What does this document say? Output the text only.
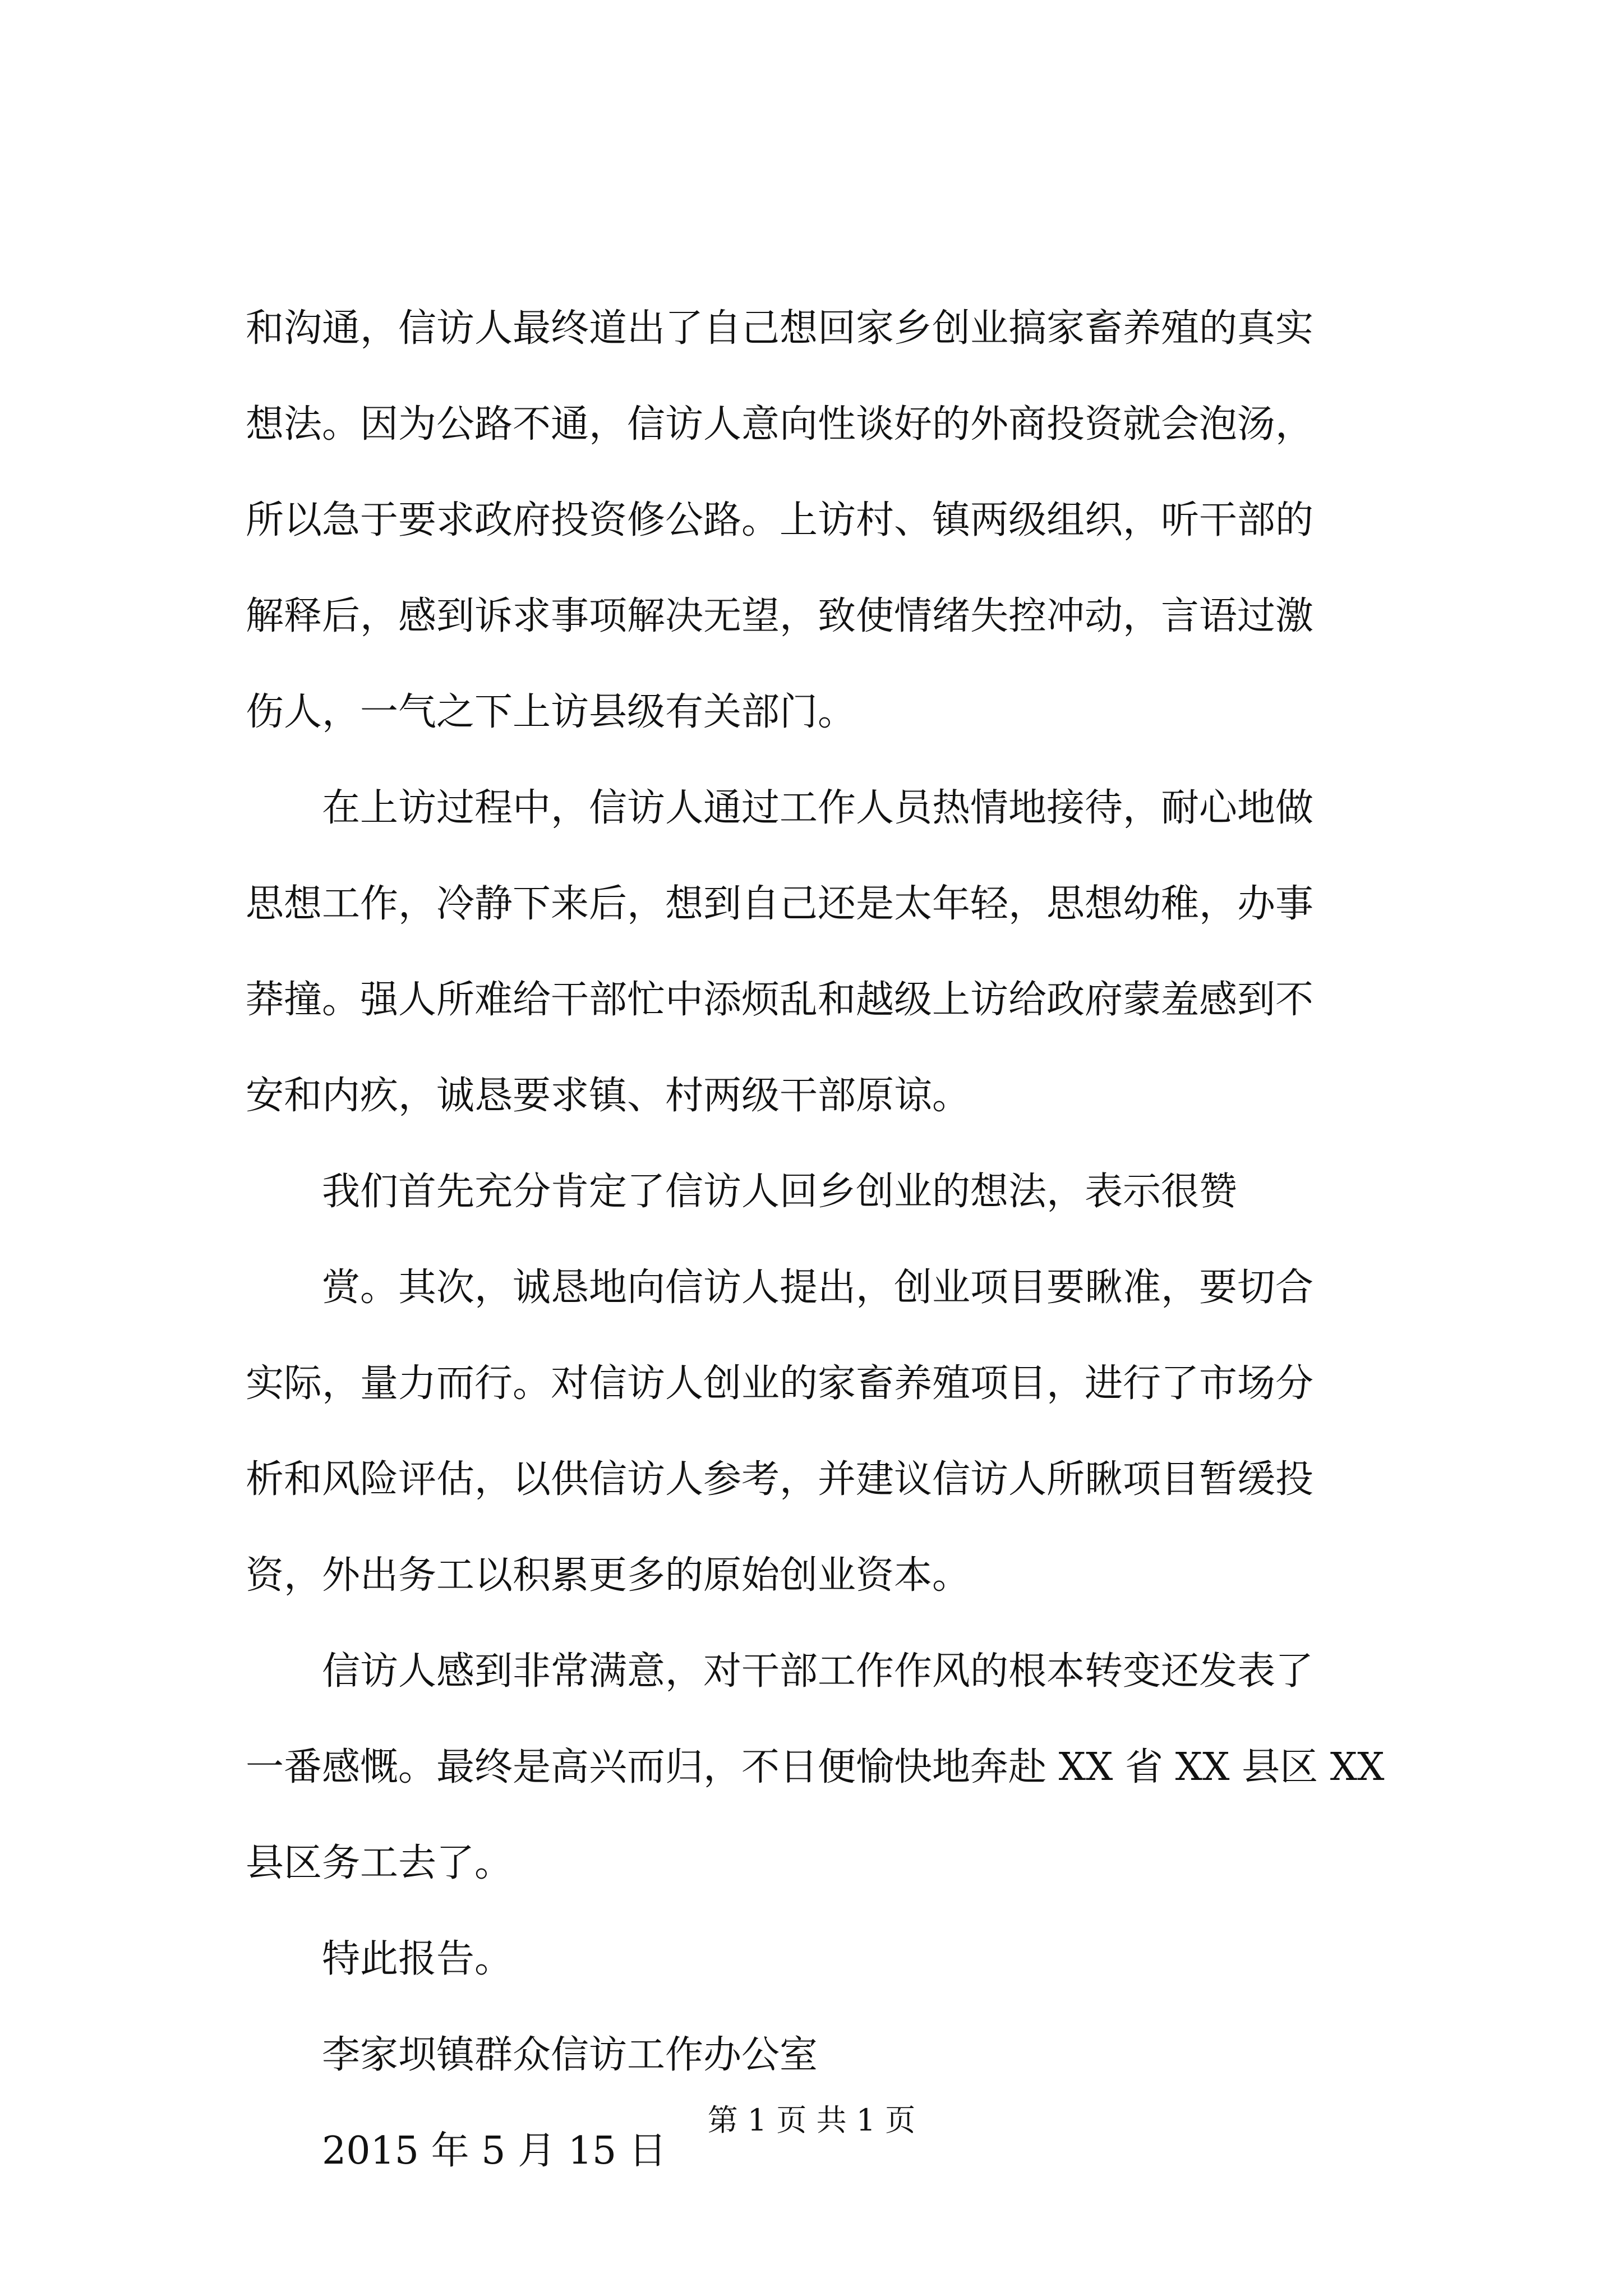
和沟通，信访人最终道出了自己想回家乡创业搞家畜养殖的真实
想法。因为公路不通，信访人意向性谈好的外商投资就会泡汤，
所以急于要求政府投资修公路。上访村、镇两级组织，听干部的
解释后，感到诉求事项解决无望，致使情绪失控冲动，言语过激
伤人，一气之下上访县级有关部门。
在上访过程中，信访人通过工作人员热情地接待，耐心地做
思想工作，冷静下来后，想到自己还是太年轻，思想幼稚，办事
莽撞。强人所难给干部忙中添烦乱和越级上访给政府蒙羞感到不
安和内疚，诚恳要求镇、村两级干部原谅。
我们首先充分肯定了信访人回乡创业的想法，表示很赞
赏。其次，诚恳地向信访人提出，创业项目要瞅准，要切合
实际，量力而行。对信访人创业的家畜养殖项目，进行了市场分
析和风险评估，以供信访人参考，并建议信访人所瞅项目暂缓投
资，外出务工以积累更多的原始创业资本。
信访人感到非常满意，对干部工作作风的根本转变还发表了
一番感慨。最终是高兴而归，不日便愉快地奔赴 XX 省 XX 县区 XX
县区务工去了。
特此报告。
李家坝镇群众信访工作办公室
2015 年 5 月 15 日
第 1 页 共 1 页
